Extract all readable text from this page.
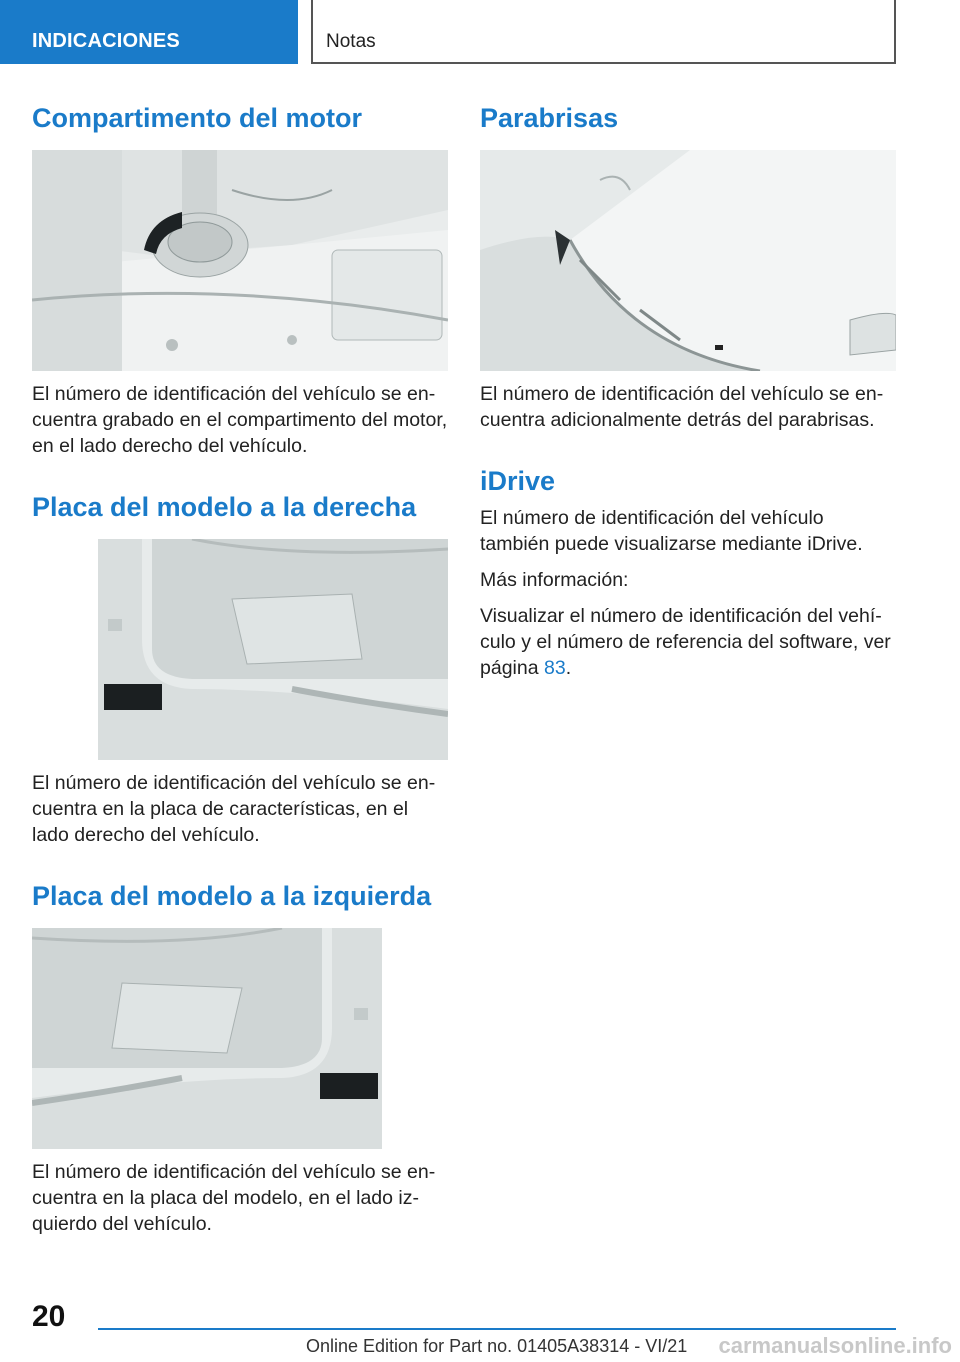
INDICACIONES	Notas
Compartimento del motor

El número de identificación del vehículo se en- cuentra grabado en el compartimento del motor, en el lado derecho del vehículo.

Placa del modelo a la derecha

El número de identificación del vehículo se en- cuentra en la placa de características, en el lado derecho del vehículo.

Placa del modelo a la izquierda

El número de identificación del vehículo se en- cuentra en la placa del modelo, en el lado iz- quierdo del vehículo.

Parabrisas

El número de identificación del vehículo se en- cuentra adicionalmente detrás del parabrisas.

iDrive

El número de identificación del vehículo también puede visualizarse mediante iDrive.

Más información:

Visualizar el número de identificación del vehí- culo y el número de referencia del software, ver página 83.

20
Online Edition for Part no. 01405A38314 - VI/21 carmanualsonline.info
